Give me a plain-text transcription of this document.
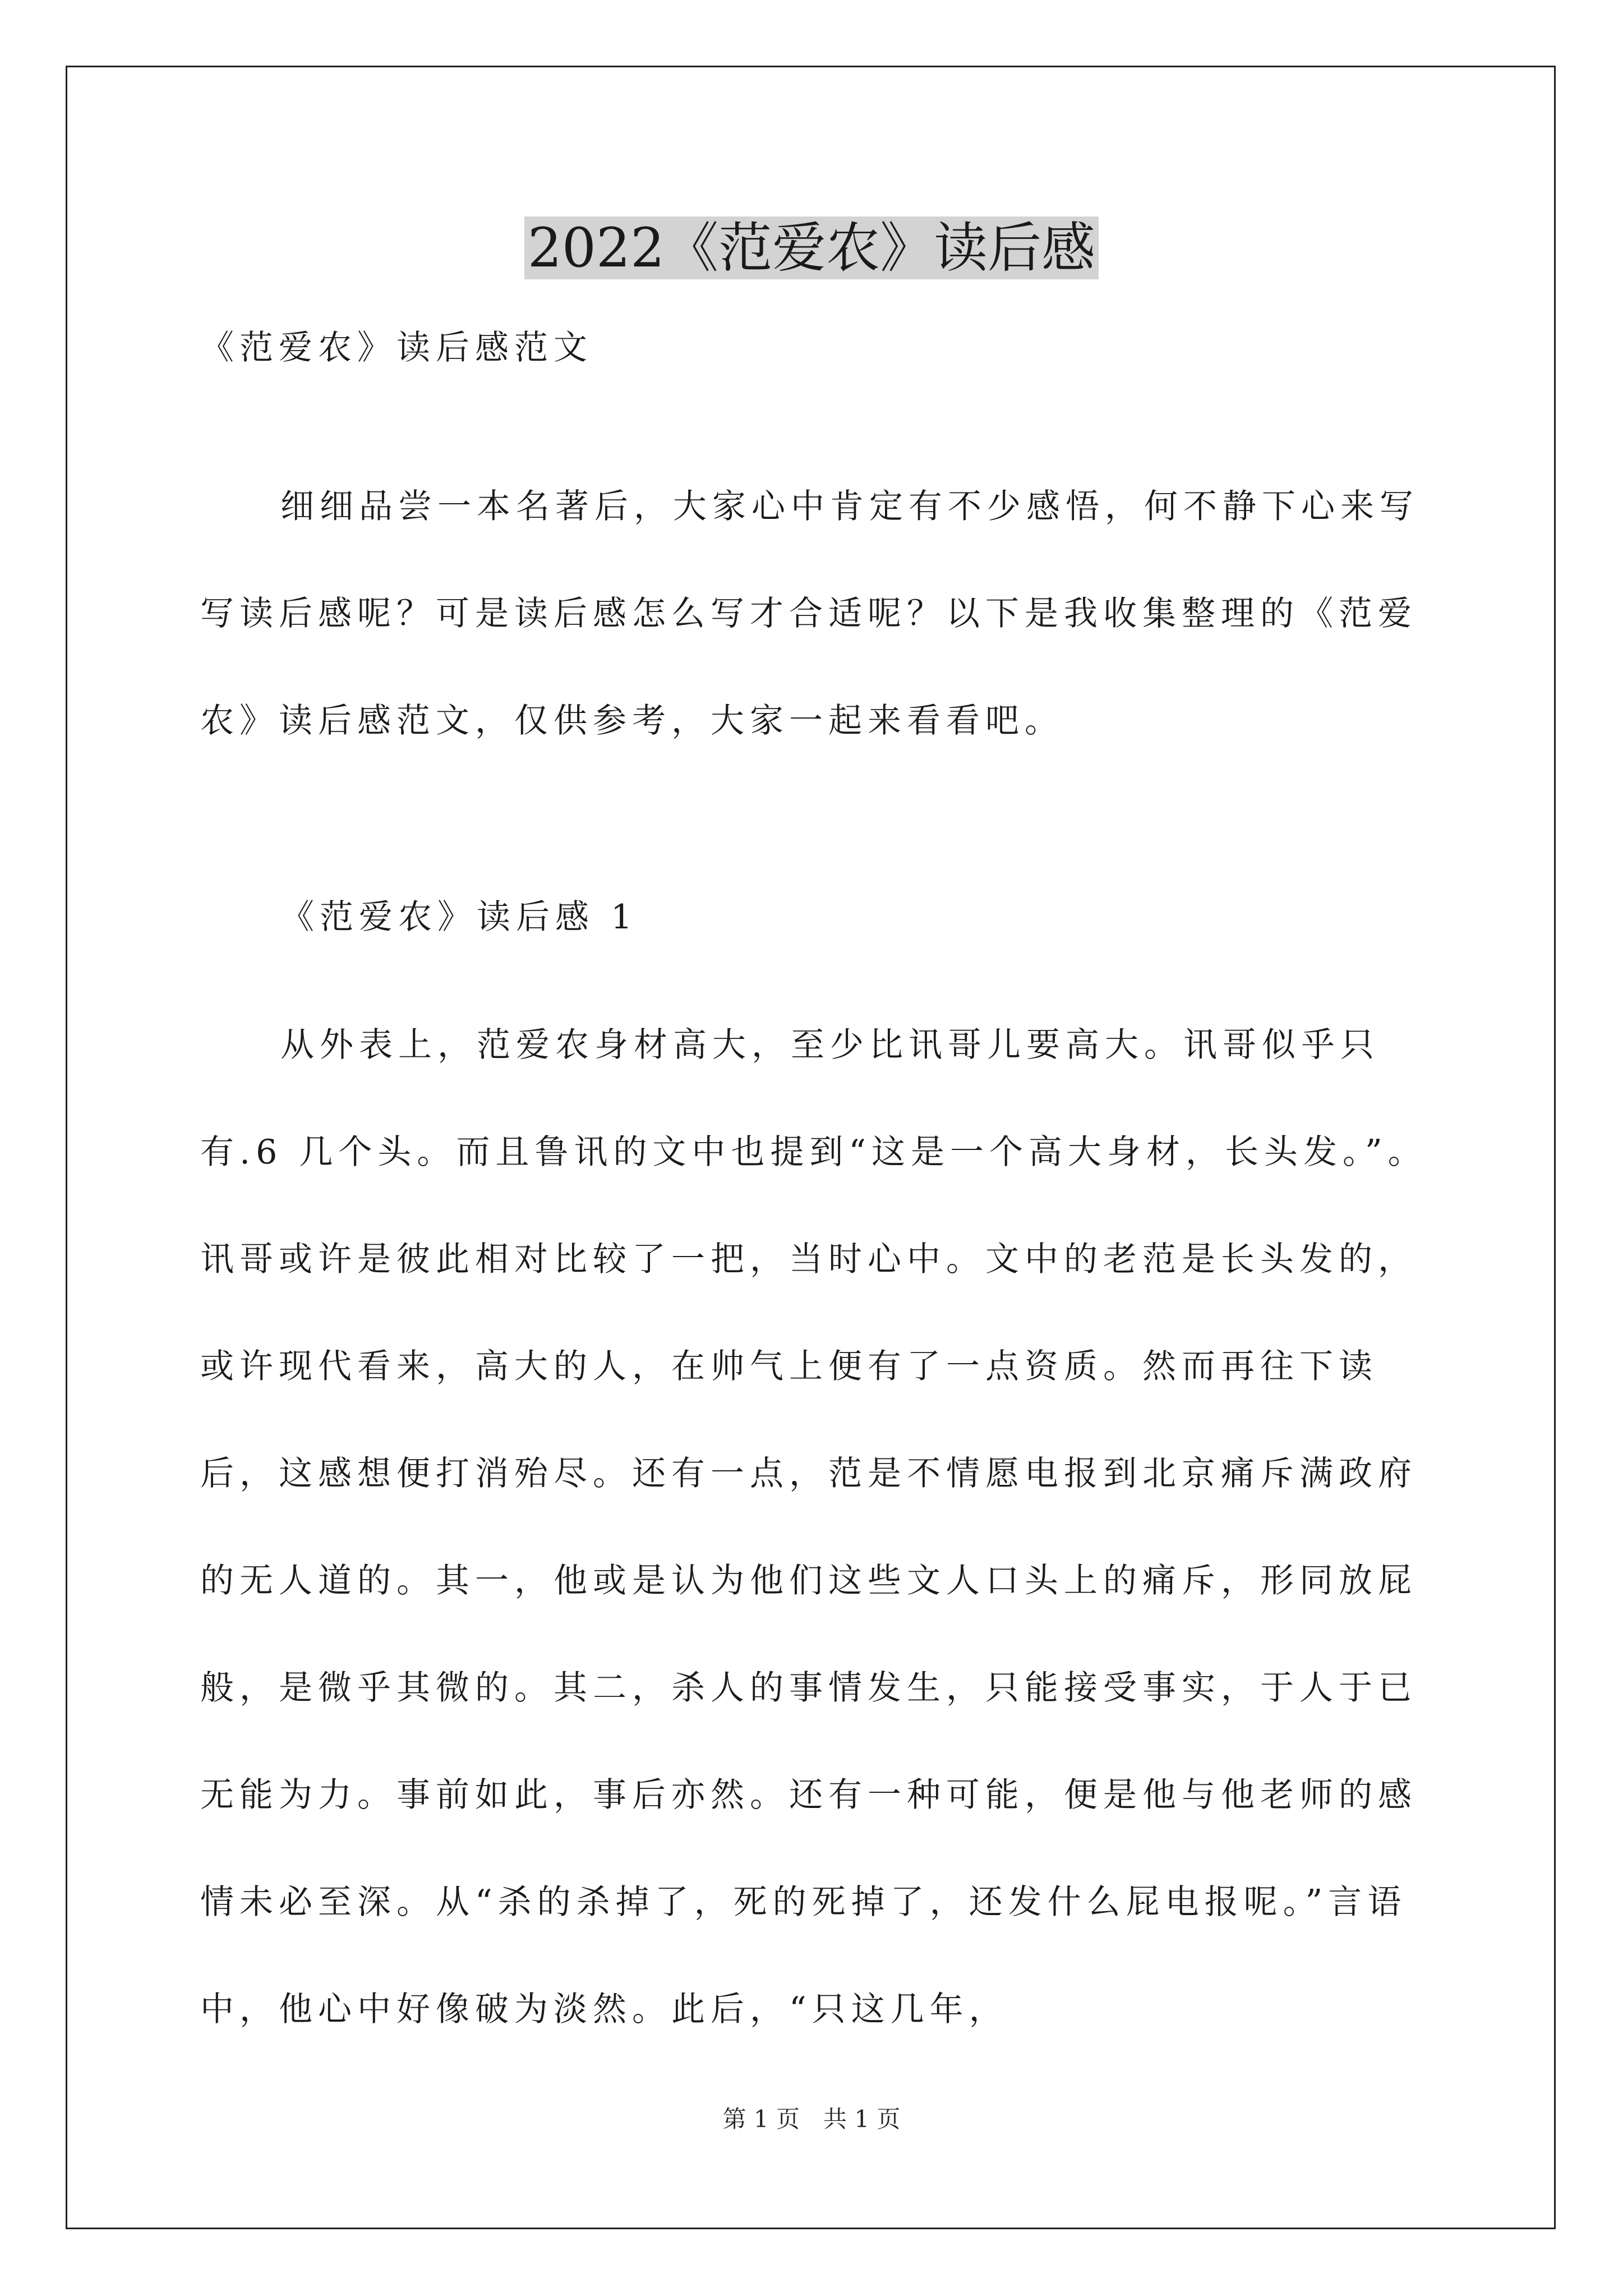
2022《范爱农》读后感

《范爱农》读后感范文

细细品尝一本名著后，大家心中肯定有不少感悟，何不静下心来写写读后感呢？可是读后感怎么写才合适呢？以下是我收集整理的《范爱农》读后感范文，仅供参考，大家一起来看看吧。

《范爱农》读后感 1

从外表上，范爱农身材高大，至少比讯哥儿要高大。讯哥似乎只有.6 几个头。而且鲁讯的文中也提到“这是一个高大身材，长头发。”。讯哥或许是彼此相对比较了一把，当时心中。文中的老范是长头发的，或许现代看来，高大的人，在帅气上便有了一点资质。然而再往下读后，这感想便打消殆尽。还有一点，范是不情愿电报到北京痛斥满政府的无人道的。其一，他或是认为他们这些文人口头上的痛斥，形同放屁般，是微乎其微的。其二，杀人的事情发生，只能接受事实，于人于已无能为力。事前如此，事后亦然。还有一种可能，便是他与他老师的感情未必至深。从“杀的杀掉了，死的死掉了，还发什么屁电报呢。”言语中，他心中好像破为淡然。此后，“只这几年，

第 1 页　共 1 页
